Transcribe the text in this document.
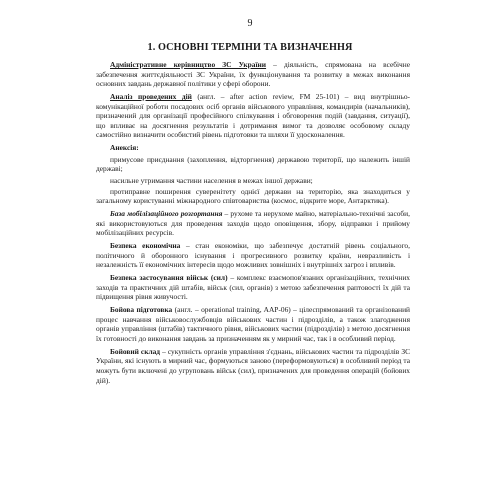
9
1. ОСНОВНІ ТЕРМІНИ ТА ВИЗНАЧЕННЯ

Адміністративне керівництво ЗС України – діяльність, спрямована на всебічне забезпечення життєдіяльності ЗС України, їх функціонування та розвитку в межах виконання основних завдань державної політики у сфері оборони.

Аналіз проведених дій (англ. – after action review, FM 25-101) – вид внутрішньо-комунікаційної роботи посадових осіб органів військового управління, командирів (начальників), призначений для організації професійного спілкування і обговорення подій (завдання, ситуації), що впливає на досягнення результатів і дотримання вимог та дозволяє особовому складу самостійно визначити особистий рівень підготовки та шляхи її удосконалення.

Анексія:

примусове приєднання (захоплення, відторгнення) державою території, що належить іншій державі;

насильне утримання частини населення в межах іншої держави;

протиправне поширення суверенітету однієї держави на територію, яка знаходиться у загальному користуванні міжнародного співтовариства (космос, відкрите море, Антарктика).

База мобілізаційного розгортання – рухоме та нерухоме майно, матеріально-технічні засоби, які використовуються для проведення заходів щодо оповіщення, збору, відправки і прийому мобілізаційних ресурсів.

Безпека економічна – стан економіки, що забезпечує достатній рівень соціального, політичного й оборонного існування і прогресивного розвитку країни, невразливість і незалежність її економічних інтересів щодо можливих зовнішніх і внутрішніх загроз і впливів.

Безпека застосування військ (сил) – комплекс взаємопов'язаних організаційних, технічних заходів та практичних дій штабів, військ (сил, органів) з метою забезпечення раптовості їх дій та підвищення рівня живучості.

Бойова підготовка (англ. – operational training, AAP-06) – цілеспрямований та організований процес навчання військовослужбовців військових частин і підрозділів, а також злагодження органів управління (штабів) тактичного рівня, військових частин (підрозділів) з метою досягнення їх готовності до виконання завдань за призначенням як у мирний час, так і в особливий період.

Бойовий склад – сукупність органів управління з'єднань, військових частин та підрозділів ЗС України, які існують в мирний час, формуються заново (переформовуються) в особливий період та можуть бути включені до угруповань військ (сил), призначених для проведення операцій (бойових дій).
